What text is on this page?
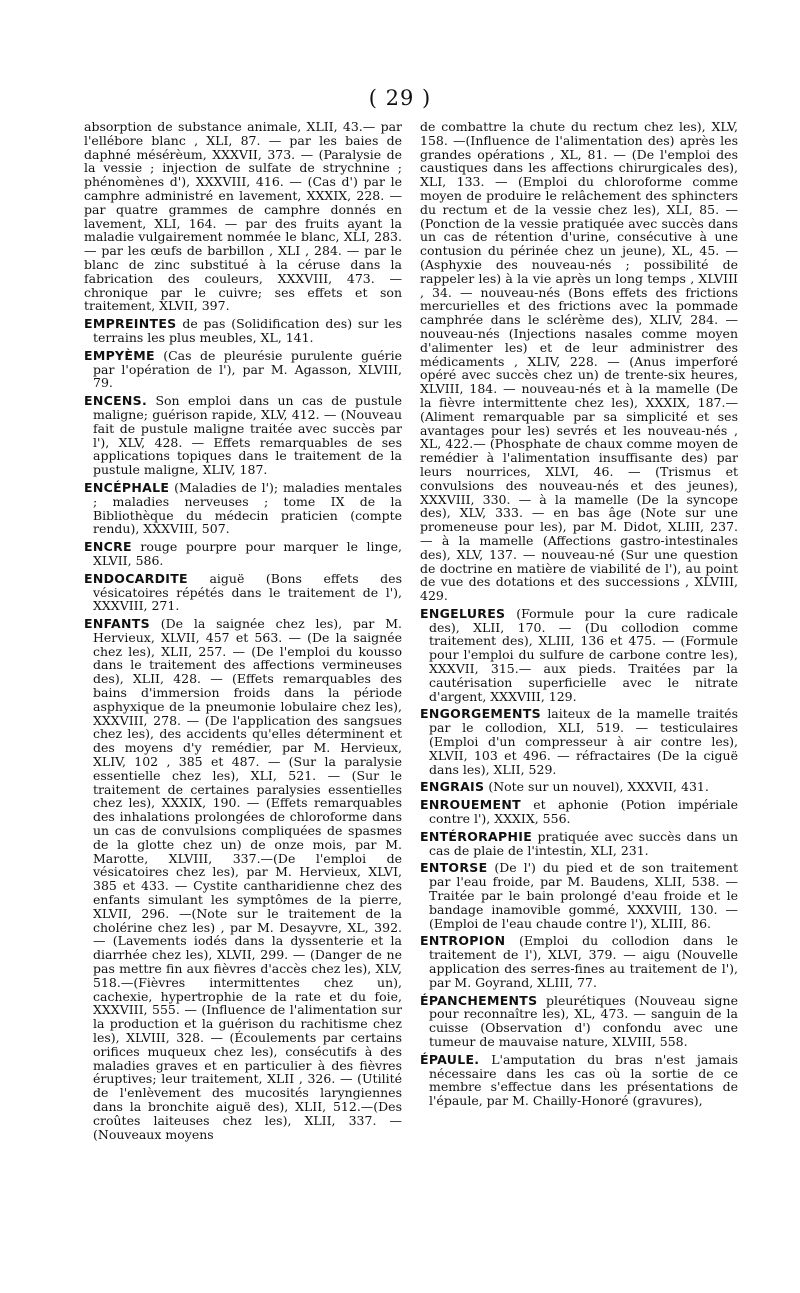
( 29 )

absorption de substance animale, XLII, 43.— par l'ellébore blanc , XLI, 87. — par les baies de daphné mésérèum, XXXVII, 373. — (Paralysie de la vessie ; injection de sulfate de strychnine ; phénomènes d'), XXXVIII, 416. — (Cas d') par le camphre administré en lavement, XXXIX, 228. — par quatre grammes de camphre donnés en lavement, XLI, 164. — par des fruits ayant la maladie vulgairement nommée le blanc, XLI, 283. — par les œufs de barbillon , XLI , 284. — par le blanc de zinc substitué à la céruse dans la fabrication des couleurs, XXXVIII, 473. — chronique par le cuivre; ses effets et son traitement, XLVII, 397.

EMPREINTES de pas (Solidification des) sur les terrains les plus meubles, XL, 141.

EMPYÈME (Cas de pleurésie purulente guérie par l'opération de l'), par M. Agasson, XLVIII, 79.

ENCENS. Son emploi dans un cas de pustule maligne; guérison rapide, XLV, 412. — (Nouveau fait de pustule maligne traitée avec succès par l'), XLV, 428. — Effets remarquables de ses applications topiques dans le traitement de la pustule maligne, XLIV, 187.

ENCÉPHALE (Maladies de l'); maladies mentales ; maladies nerveuses ; tome IX de la Bibliothèque du médecin praticien (compte rendu), XXXVIII, 507.

ENCRE rouge pourpre pour marquer le linge, XLVII, 586.

ENDOCARDITE aiguë (Bons effets des vésicatoires répétés dans le traitement de l'), XXXVIII, 271.

ENFANTS (De la saignée chez les), par M. Hervieux, XLVII, 457 et 563. — (De la saignée chez les), XLII, 257. — (De l'emploi du kousso dans le traitement des affections vermineuses des), XLII, 428. — (Effets remarquables des bains d'immersion froids dans la période asphyxique de la pneumonie lobulaire chez les), XXXVIII, 278. — (De l'application des sangsues chez les), des accidents qu'elles déterminent et des moyens d'y remédier, par M. Hervieux, XLIV, 102 , 385 et 487. — (Sur la paralysie essentielle chez les), XLI, 521. — (Sur le traitement de certaines paralysies essentielles chez les), XXXIX, 190. — (Effets remarquables des inhalations prolongées de chloroforme dans un cas de convulsions compliquées de spasmes de la glotte chez un) de onze mois, par M. Marotte, XLVIII, 337.—(De l'emploi de vésicatoires chez les), par M. Hervieux, XLVI, 385 et 433. — Cystite cantharidienne chez des enfants simulant les symptômes de la pierre, XLVII, 296. —(Note sur le traitement de la cholérine chez les) , par M. Desayvre, XL, 392. — (Lavements iodés dans la dyssenterie et la diarrhée chez les), XLVII, 299. — (Danger de ne pas mettre fin aux fièvres d'accès chez les), XLV, 518.—(Fièvres intermittentes chez un), cachexie, hypertrophie de la rate et du foie, XXXVIII, 555. — (Influence de l'alimentation sur la production et la guérison du rachitisme chez les), XLVIII, 328. — (Écoulements par certains orifices muqueux chez les), consécutifs à des maladies graves et en particulier à des fièvres éruptives; leur traitement, XLII , 326. — (Utilité de l'enlèvement des mucosités laryngiennes dans la bronchite aiguë des), XLII, 512.—(Des croûtes laiteuses chez les), XLII, 337. — (Nouveaux moyens

de combattre la chute du rectum chez les), XLV, 158. —(Influence de l'alimentation des) après les grandes opérations , XL, 81. — (De l'emploi des caustiques dans les affections chirurgicales des), XLI, 133. — (Emploi du chloroforme comme moyen de produire le relâchement des sphincters du rectum et de la vessie chez les), XLI, 85. — (Ponction de la vessie pratiquée avec succès dans un cas de rétention d'urine, consécutive à une contusion du périnée chez un jeune), XL, 45. — (Asphyxie des nouveau-nés ; possibilité de rappeler les) à la vie après un long temps , XLVIII , 34. — nouveau-nés (Bons effets des frictions mercurielles et des frictions avec la pommade camphrée dans le sclérème des), XLIV, 284. — nouveau-nés (Injections nasales comme moyen d'alimenter les) et de leur administrer des médicaments , XLIV, 228. — (Anus imperforé opéré avec succès chez un) de trente-six heures, XLVIII, 184. — nouveau-nés et à la mamelle (De la fièvre intermittente chez les), XXXIX, 187.— (Aliment remarquable par sa simplicité et ses avantages pour les) sevrés et les nouveau-nés , XL, 422.— (Phosphate de chaux comme moyen de remédier à l'alimentation insuffisante des) par leurs nourrices, XLVI, 46. — (Trismus et convulsions des nouveau-nés et des jeunes), XXXVIII, 330. — à la mamelle (De la syncope des), XLV, 333. — en bas âge (Note sur une promeneuse pour les), par M. Didot, XLIII, 237. — à la mamelle (Affections gastro-intestinales des), XLV, 137. — nouveau-né (Sur une question de doctrine en matière de viabilité de l'), au point de vue des dotations et des successions , XLVIII, 429.

ENGELURES (Formule pour la cure radicale des), XLII, 170. — (Du collodion comme traitement des), XLIII, 136 et 475. — (Formule pour l'emploi du sulfure de carbone contre les), XXXVII, 315.— aux pieds. Traitées par la cautérisation superficielle avec le nitrate d'argent, XXXVIII, 129.

ENGORGEMENTS laiteux de la mamelle traités par le collodion, XLI, 519. — testiculaires (Emploi d'un compresseur à air contre les), XLVII, 103 et 496. — réfractaires (De la ciguë dans les), XLII, 529.

ENGRAIS (Note sur un nouvel), XXXVII, 431.

ENROUEMENT et aphonie (Potion impériale contre l'), XXXIX, 556.

ENTÉRORAPHIE pratiquée avec succès dans un cas de plaie de l'intestin, XLI, 231.

ENTORSE (De l') du pied et de son traitement par l'eau froide, par M. Baudens, XLII, 538. — Traitée par le bain prolongé d'eau froide et le bandage inamovible gommé, XXXVIII, 130. — (Emploi de l'eau chaude contre l'), XLIII, 86.

ENTROPION (Emploi du collodion dans le traitement de l'), XLVI, 379. — aigu (Nouvelle application des serres-fines au traitement de l'), par M. Goyrand, XLIII, 77.

ÉPANCHEMENTS pleurétiques (Nouveau signe pour reconnaître les), XL, 473. — sanguin de la cuisse (Observation d') confondu avec une tumeur de mauvaise nature, XLVIII, 558.

ÉPAULE. L'amputation du bras n'est jamais nécessaire dans les cas où la sortie de ce membre s'effectue dans les présentations de l'épaule, par M. Chailly-Honoré (gravures),
